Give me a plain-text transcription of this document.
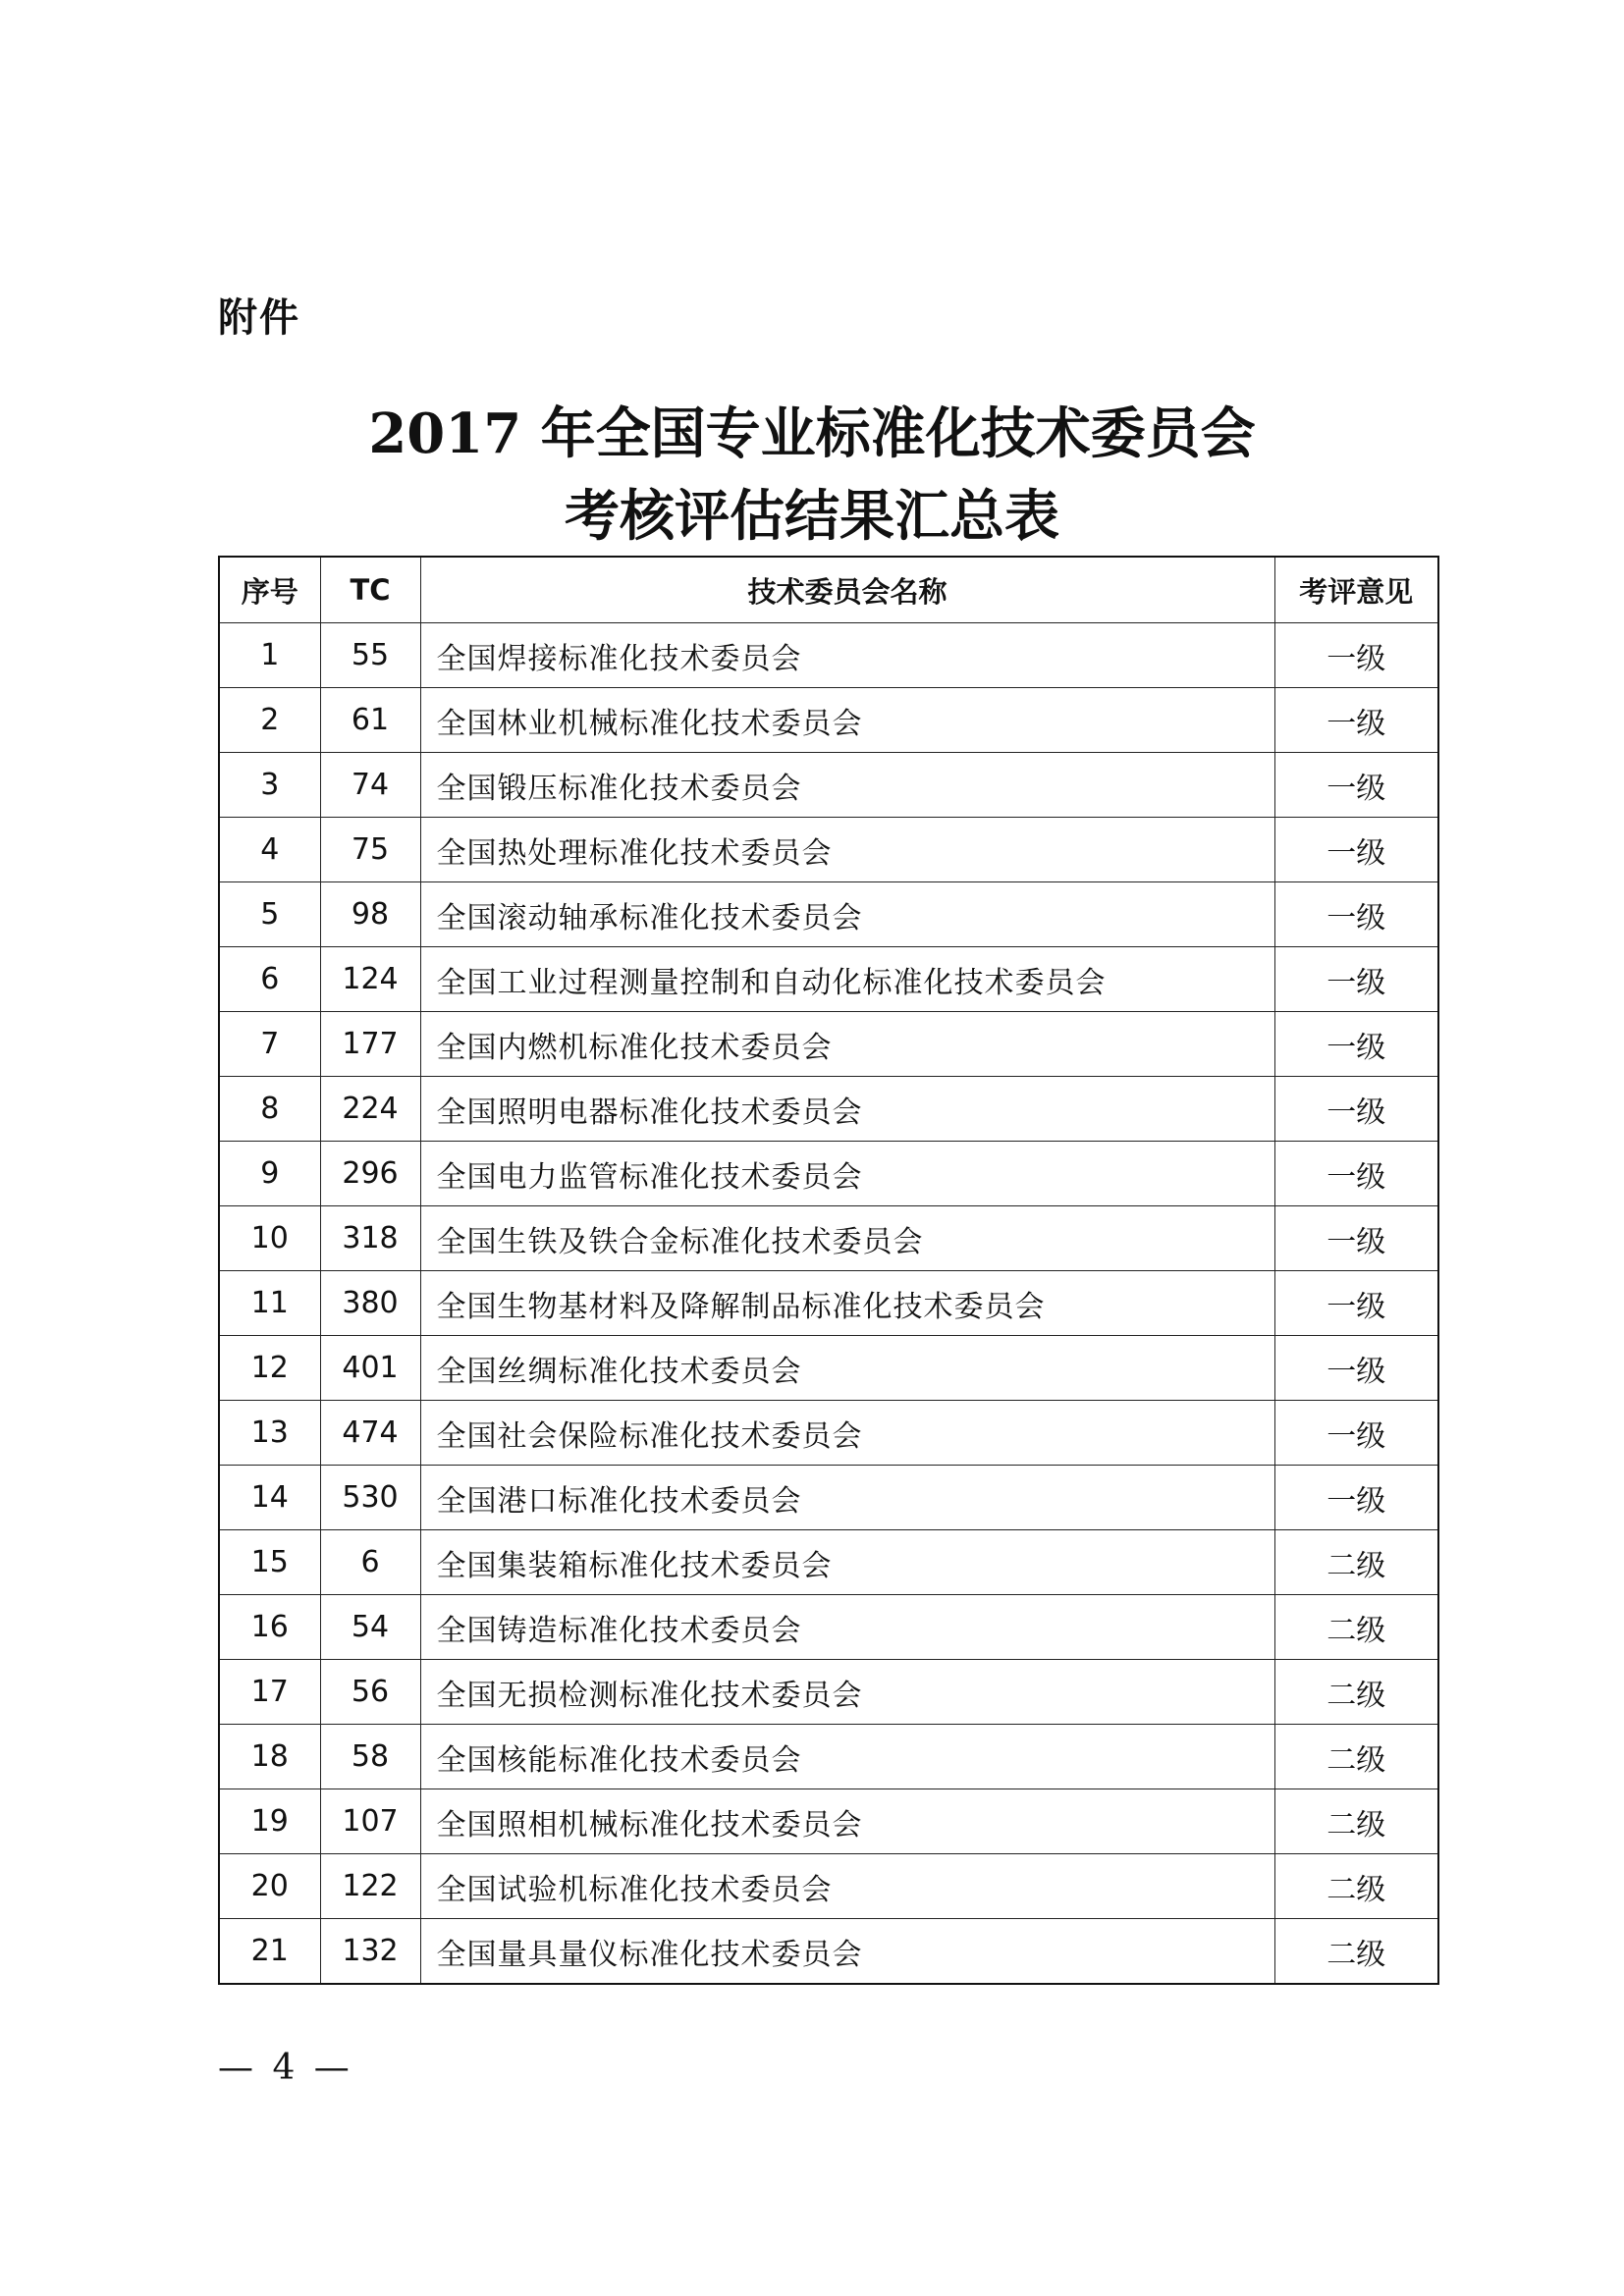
附件
2017 年全国专业标准化技术委员会
考核评估结果汇总表
序号	TC	技术委员会名称	考评意见
1	55	全国焊接标准化技术委员会	一级
2	61	全国林业机械标准化技术委员会	一级
3	74	全国锻压标准化技术委员会	一级
4	75	全国热处理标准化技术委员会	一级
5	98	全国滚动轴承标准化技术委员会	一级
6	124	全国工业过程测量控制和自动化标准化技术委员会	一级
7	177	全国内燃机标准化技术委员会	一级
8	224	全国照明电器标准化技术委员会	一级
9	296	全国电力监管标准化技术委员会	一级
10	318	全国生铁及铁合金标准化技术委员会	一级
11	380	全国生物基材料及降解制品标准化技术委员会	一级
12	401	全国丝绸标准化技术委员会	一级
13	474	全国社会保险标准化技术委员会	一级
14	530	全国港口标准化技术委员会	一级
15	6	全国集装箱标准化技术委员会	二级
16	54	全国铸造标准化技术委员会	二级
17	56	全国无损检测标准化技术委员会	二级
18	58	全国核能标准化技术委员会	二级
19	107	全国照相机械标准化技术委员会	二级
20	122	全国试验机标准化技术委员会	二级
21	132	全国量具量仪标准化技术委员会	二级
— 4 —
